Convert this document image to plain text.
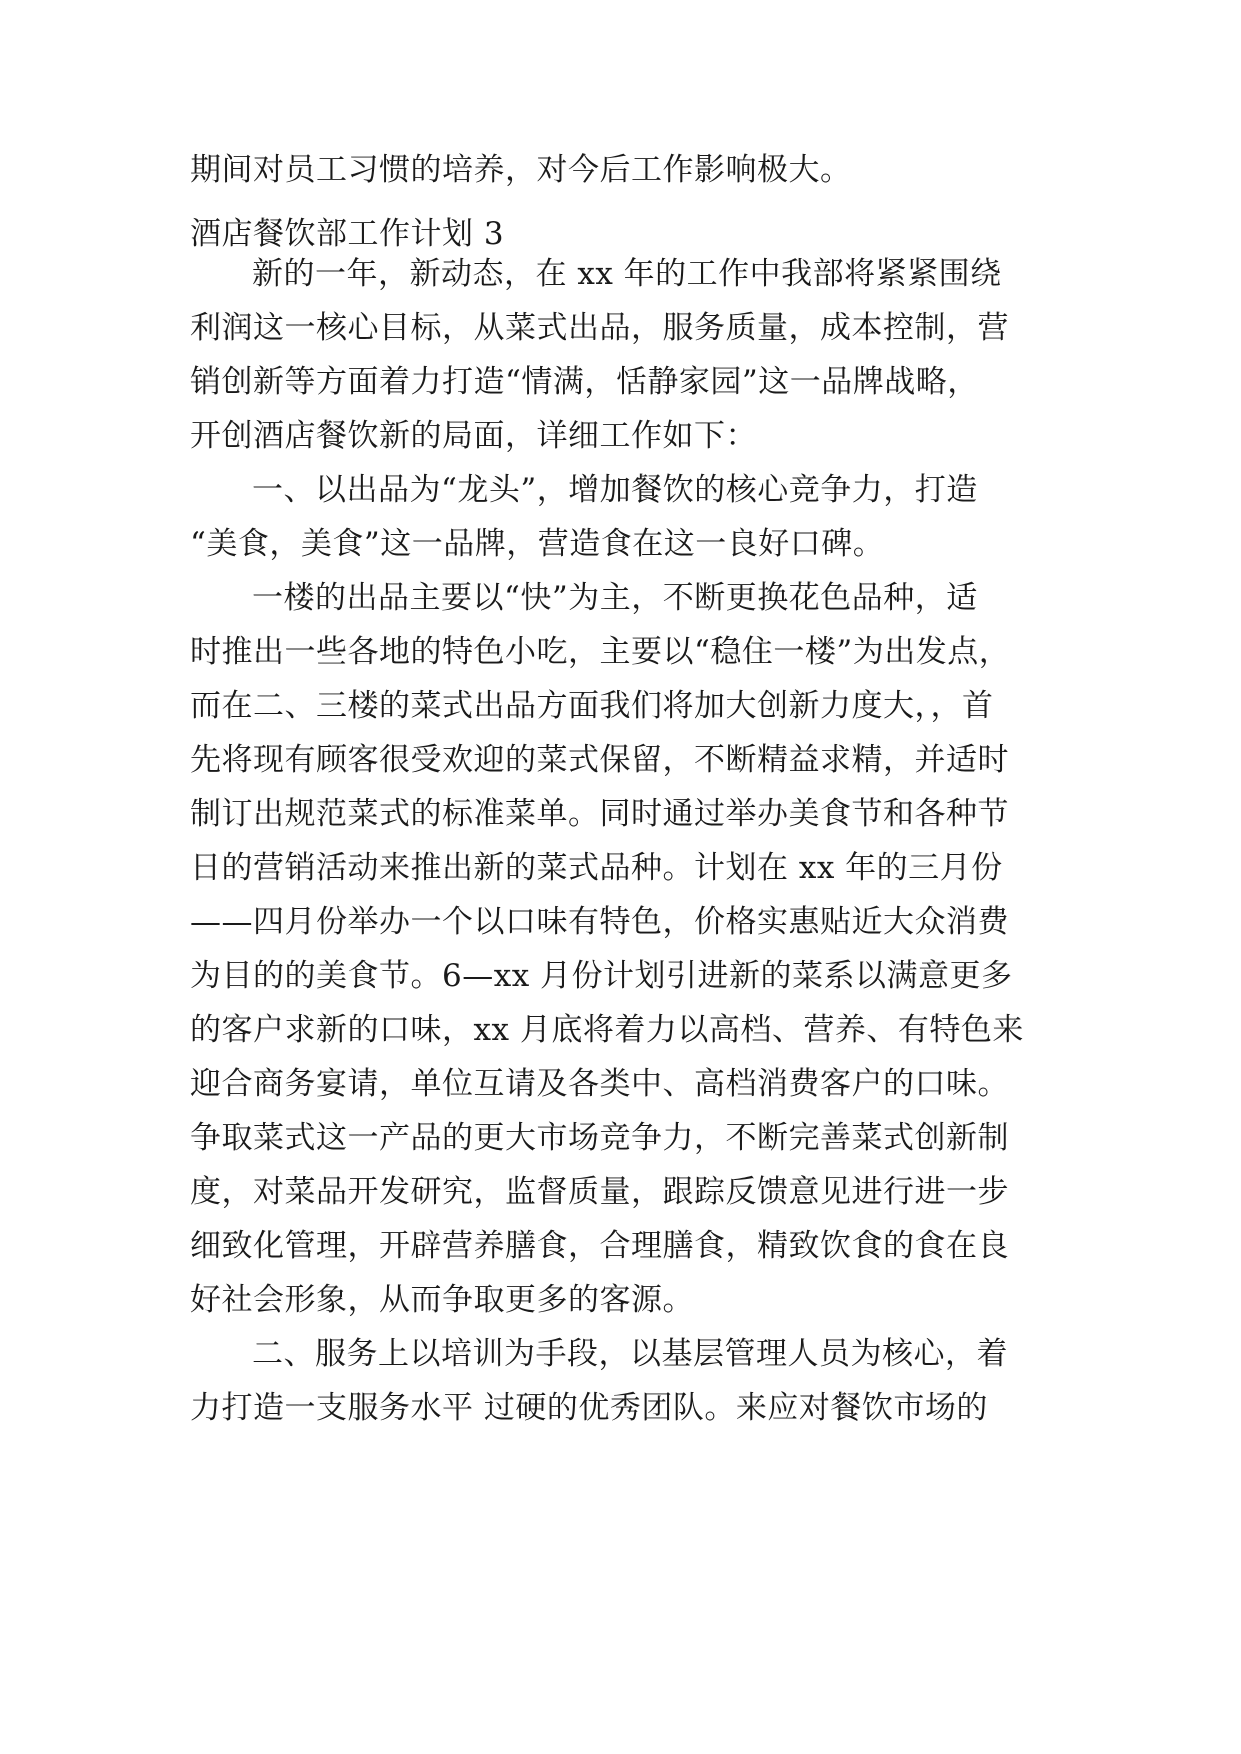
期间对员工习惯的培养，对今后工作影响极大。
酒店餐饮部工作计划 3
新的一年，新动态，在 xx 年的工作中我部将紧紧围绕
利润这一核心目标，从菜式出品，服务质量，成本控制，营
销创新等方面着力打造“情满，恬静家园”这一品牌战略，
开创酒店餐饮新的局面，详细工作如下：
一、以出品为“龙头”，增加餐饮的核心竞争力，打造
“美食，美食”这一品牌，营造食在这一良好口碑。
一楼的出品主要以“快”为主，不断更换花色品种，适
时推出一些各地的特色小吃，主要以“稳住一楼”为出发点，
而在二、三楼的菜式出品方面我们将加大创新力度大，，首
先将现有顾客很受欢迎的菜式保留，不断精益求精，并适时
制订出规范菜式的标准菜单。同时通过举办美食节和各种节
日的营销活动来推出新的菜式品种。计划在 xx 年的三月份
——四月份举办一个以口味有特色，价格实惠贴近大众消费
为目的的美食节。6—xx 月份计划引进新的菜系以满意更多
的客户求新的口味，xx 月底将着力以高档、营养、有特色来
迎合商务宴请，单位互请及各类中、高档消费客户的口味。
争取菜式这一产品的更大市场竞争力，不断完善菜式创新制
度，对菜品开发研究，监督质量，跟踪反馈意见进行进一步
细致化管理，开辟营养膳食，合理膳食，精致饮食的食在良
好社会形象，从而争取更多的客源。
二、服务上以培训为手段，以基层管理人员为核心，着
力打造一支服务水平 过硬的优秀团队。来应对餐饮市场的
